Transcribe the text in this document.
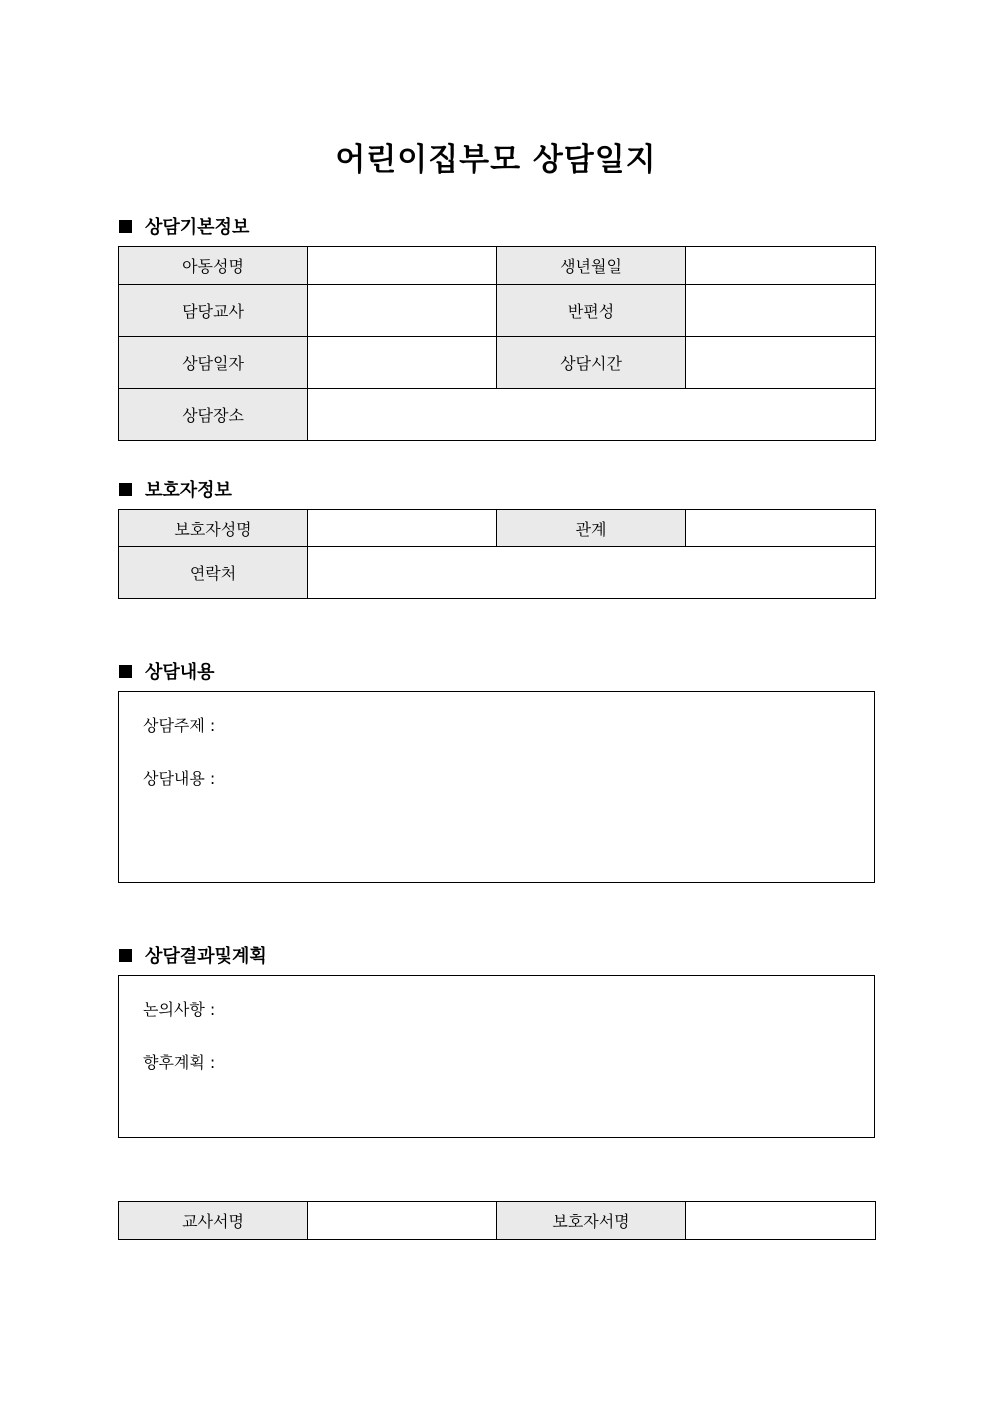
어린이집부모 상담일지
상담기본정보
아동성명		생년월일	
담당교사		반편성	
상담일자		상담시간	
상담장소			
보호자정보
보호자성명		관계	
연락처			
상담내용
상담주제 :
상담내용 :
상담결과및계획
논의사항 :
향후계획 :
교사서명		보호자서명	
